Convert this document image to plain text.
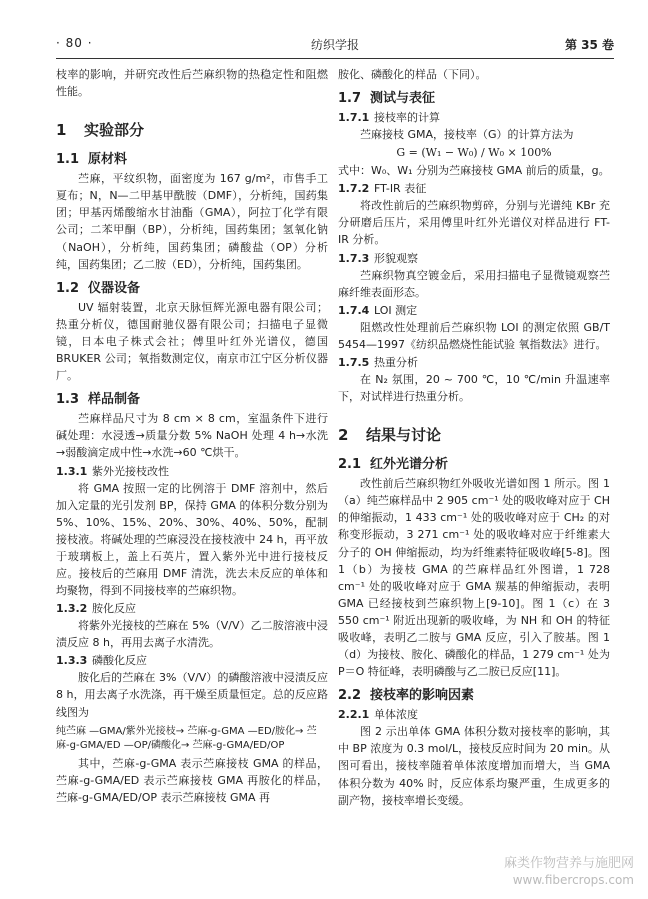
· 80 ·	纺织学报	第 35 卷

枝率的影响，并研究改性后苎麻织物的热稳定性和阻燃性能。

1 实验部分
1.1 原材料

苎麻，平纹织物，面密度为 167 g/m²，市售手工夏布；N，N—二甲基甲酰胺（DMF），分析纯，国药集团；甲基丙烯酸缩水甘油酯（GMA），阿拉丁化学有限公司；二苯甲酮（BP），分析纯，国药集团；氢氧化钠（NaOH），分析纯，国药集团；磷酸盐（OP）分析纯，国药集团；乙二胺（ED），分析纯，国药集团。

1.2 仪器设备

UV 辐射装置，北京天脉恒辉光源电器有限公司；热重分析仪，德国耐驰仪器有限公司；扫描电子显微镜，日本电子株式会社；傅里叶红外光谱仪，德国 BRUKER 公司；氧指数测定仪，南京市江宁区分析仪器厂。

1.3 样品制备

苎麻样品尺寸为 8 cm × 8 cm，室温条件下进行碱处理：水浸透→质量分数 5% NaOH 处理 4 h→水洗→弱酸滴定成中性→水洗→60 ℃烘干。

1.3.1 紫外光接枝改性

将 GMA 按照一定的比例溶于 DMF 溶剂中，然后加入定量的光引发剂 BP，保持 GMA 的体积分数分别为 5%、10%、15%、20%、30%、40%、50%，配制接枝液。将碱处理的苎麻浸没在接枝液中 24 h，再平放于玻璃板上，盖上石英片，置入紫外光中进行接枝反应。接枝后的苎麻用 DMF 清洗，洗去未反应的单体和均聚物，得到不同接枝率的苎麻织物。

1.3.2 胺化反应

将紫外光接枝的苎麻在 5%（V/V）乙二胺溶液中浸渍反应 8 h，再用去离子水清洗。

1.3.3 磷酸化反应

胺化后的苎麻在 3%（V/V）的磷酸溶液中浸渍反应 8 h，用去离子水洗涤，再干燥至质量恒定。总的反应路线图为

纯苎麻 —GMA/紫外光接枝→ 苎麻-g-GMA —ED/胺化→ 苎麻-g-GMA/ED —OP/磷酸化→ 苎麻-g-GMA/ED/OP

其中，苎麻-g-GMA 表示苎麻接枝 GMA 的样品，苎麻-g-GMA/ED 表示苎麻接枝 GMA 再胺化的样品，苎麻-g-GMA/ED/OP 表示苎麻接枝 GMA 再

胺化、磷酸化的样品（下同）。

1.7 测试与表征
1.7.1 接枝率的计算

苎麻接枝 GMA，接枝率（G）的计算方法为

G = (W₁ − W₀) / W₀ × 100%

式中：W₀、W₁ 分别为苎麻接枝 GMA 前后的质量，g。

1.7.2 FT-IR 表征

将改性前后的苎麻织物剪碎，分别与光谱纯 KBr 充分研磨后压片，采用傅里叶红外光谱仪对样品进行 FT-IR 分析。

1.7.3 形貌观察

苎麻织物真空镀金后，采用扫描电子显微镜观察苎麻纤维表面形态。

1.7.4 LOI 测定

阻燃改性处理前后苎麻织物 LOI 的测定依照 GB/T 5454—1997《纺织品燃烧性能试验 氧指数法》进行。

1.7.5 热重分析

在 N₂ 氛围，20 ~ 700 ℃，10 ℃/min 升温速率下，对试样进行热重分析。

2 结果与讨论
2.1 红外光谱分析

改性前后苎麻织物红外吸收光谱如图 1 所示。图 1（a）纯苎麻样品中 2 905 cm⁻¹ 处的吸收峰对应于 CH 的伸缩振动，1 433 cm⁻¹ 处的吸收峰对应于 CH₂ 的对称变形振动，3 271 cm⁻¹ 处的吸收峰对应于纤维素大分子的 OH 伸缩振动，均为纤维素特征吸收峰[5-8]。图 1（b）为接枝 GMA 的苎麻样品红外图谱，1 728 cm⁻¹ 处的吸收峰对应于 GMA 羰基的伸缩振动，表明 GMA 已经接枝到苎麻织物上[9-10]。图 1（c）在 3 550 cm⁻¹ 附近出现新的吸收峰，为 NH 和 OH 的特征吸收峰，表明乙二胺与 GMA 反应，引入了胺基。图 1（d）为接枝、胺化、磷酸化的样品，1 279 cm⁻¹ 处为 P＝O 特征峰，表明磷酸与乙二胺已反应[11]。

2.2 接枝率的影响因素
2.2.1 单体浓度

图 2 示出单体 GMA 体积分数对接枝率的影响，其中 BP 浓度为 0.3 mol/L，接枝反应时间为 20 min。从图可看出，接枝率随着单体浓度增加而增大，当 GMA 体积分数为 40% 时，反应体系均聚严重，生成更多的副产物，接枝率增长变缓。

麻类作物营养与施肥网
www.fibercrops.com
